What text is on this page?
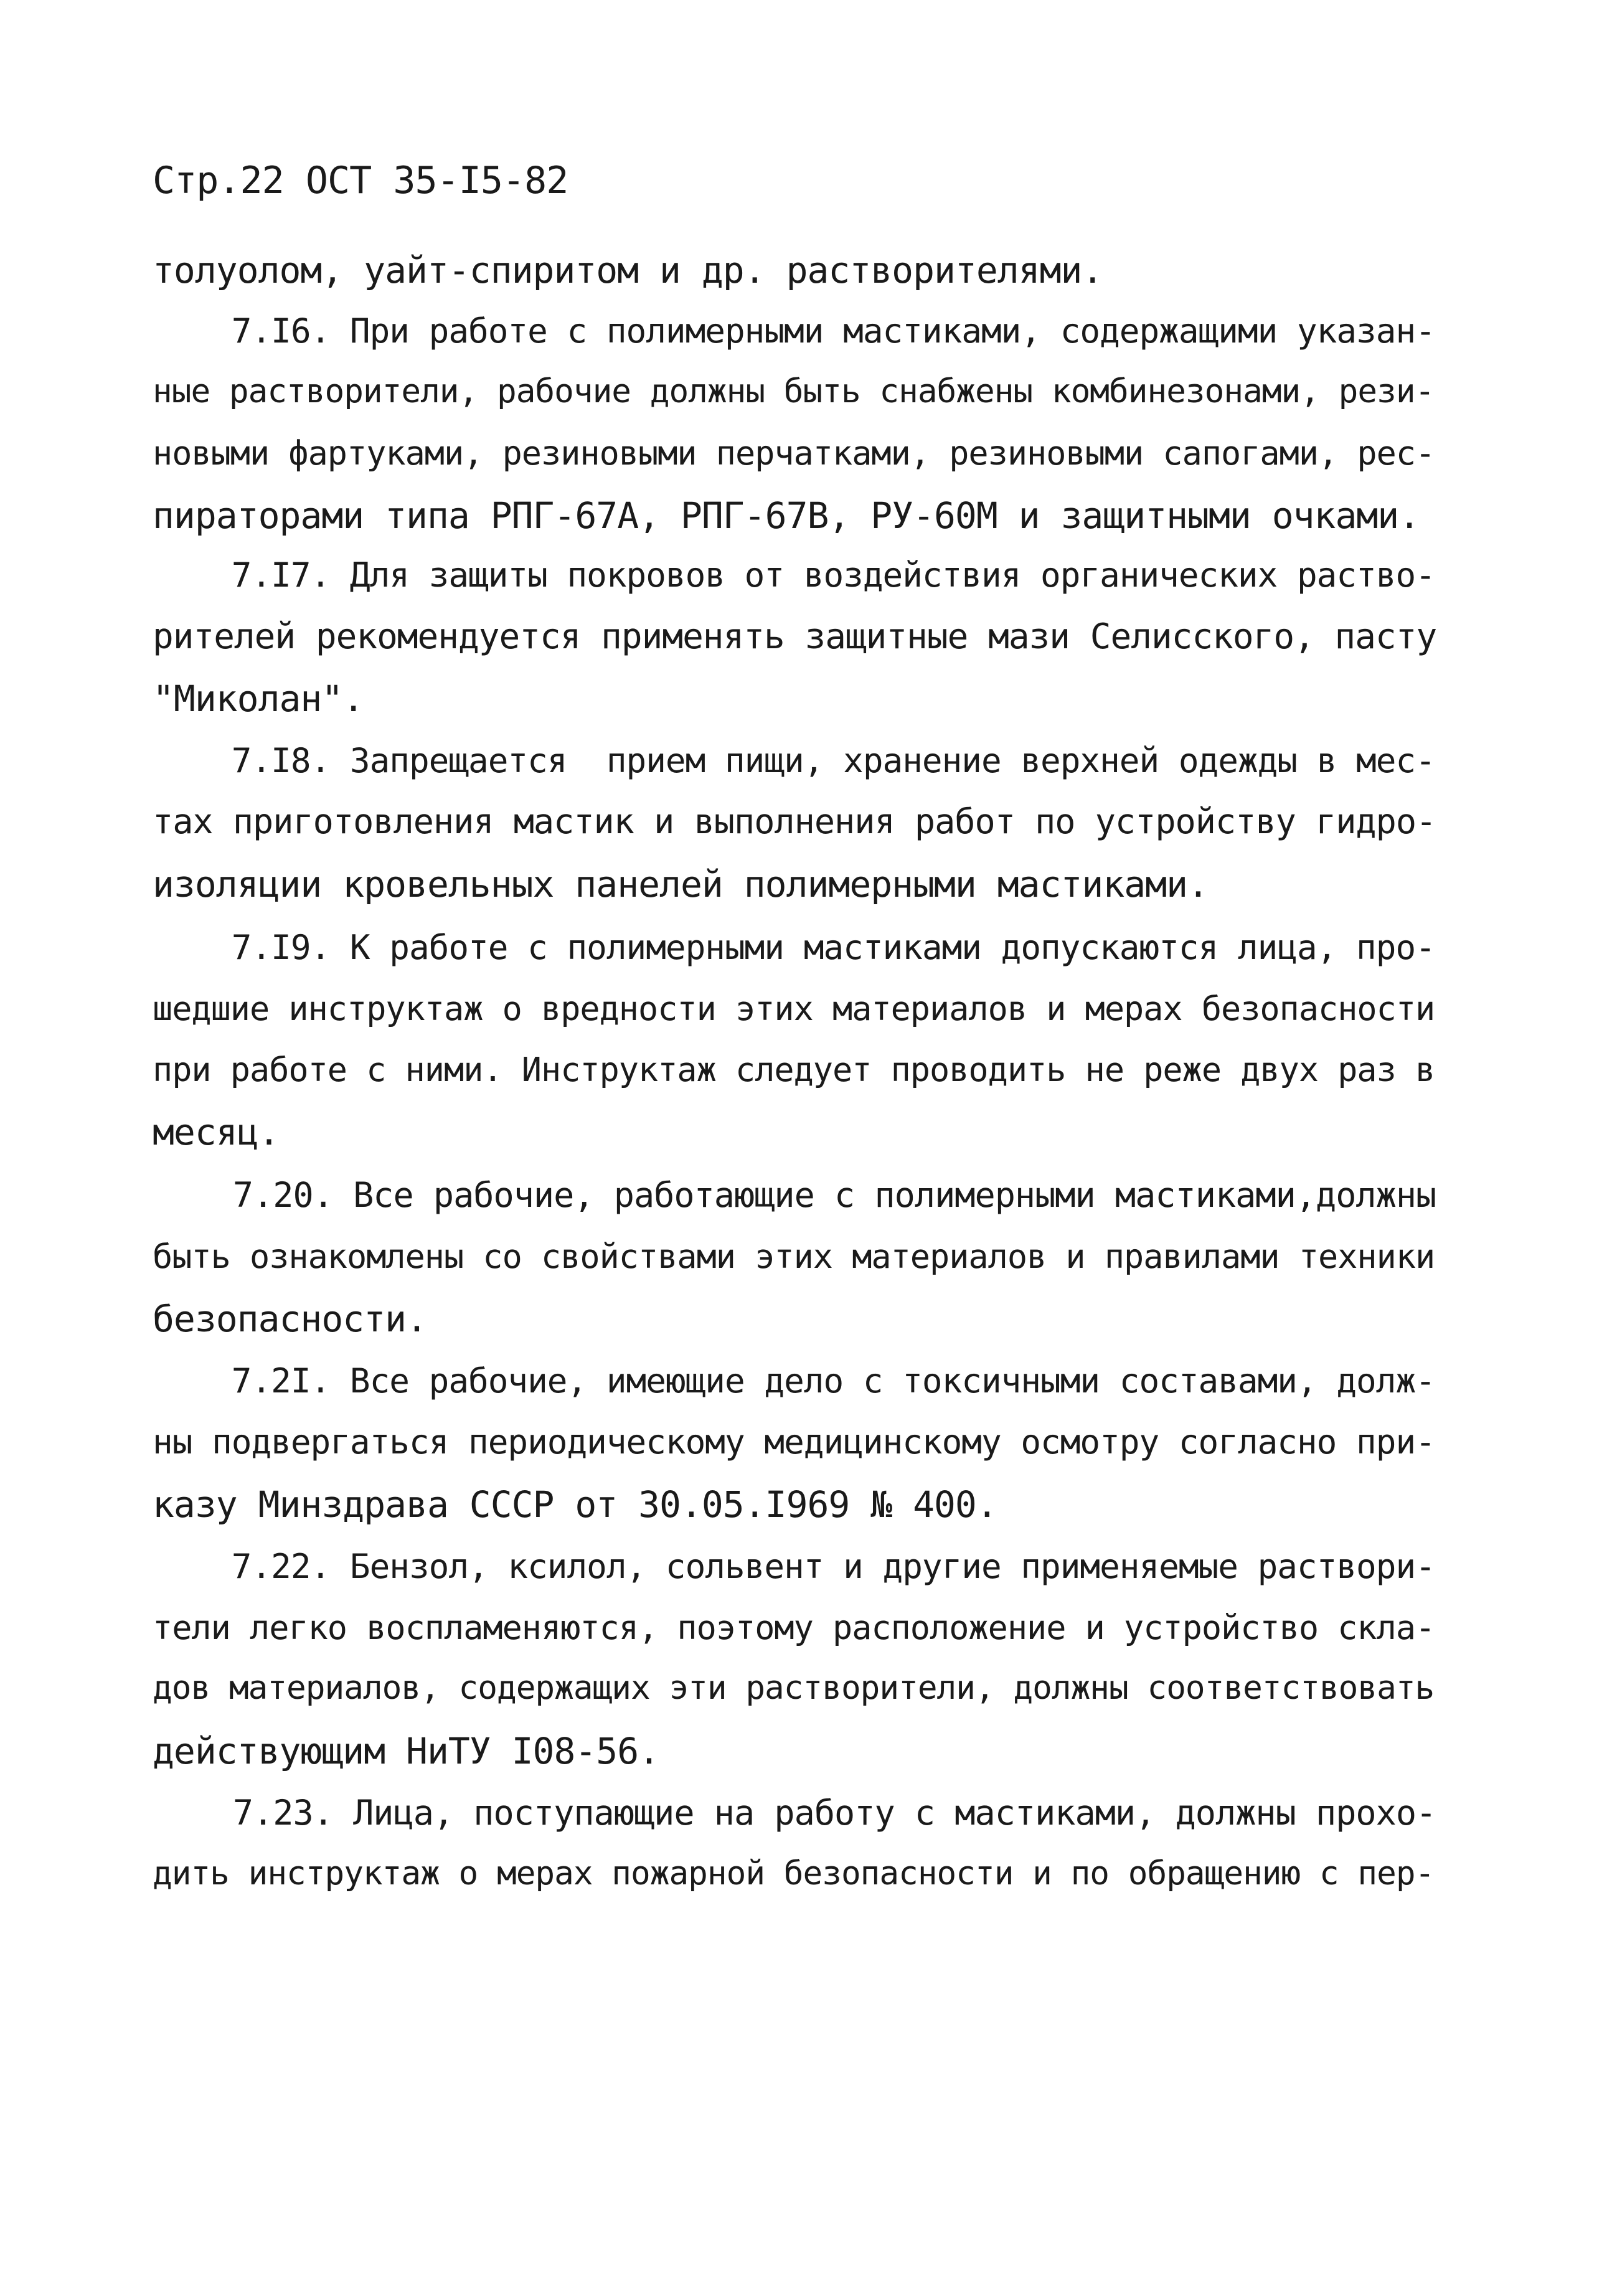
Стр.22 ОСТ 35-I5-82
толуолом, уайт-спиритом и др. растворителями.
7.I6. При работе с полимерными мастиками, содержащими указан-
ные растворители, рабочие должны быть снабжены комбинезонами, рези-
новыми фартуками, резиновыми перчатками, резиновыми сапогами, рес-
пираторами типа РПГ-67А, РПГ-67В, РУ-60М и защитными очками.
7.I7. Для защиты покровов от воздействия органических раство-
рителей рекомендуется применять защитные мази Селисского, пасту
"Миколан".
7.I8. Запрещается  прием пищи, хранение верхней одежды в мес-
тах приготовления мастик и выполнения работ по устройству гидро-
изоляции кровельных панелей полимерными мастиками.
7.I9. К работе с полимерными мастиками допускаются лица, про-
шедшие инструктаж о вредности этих материалов и мерах безопасности
при работе с ними. Инструктаж следует проводить не реже двух раз в
месяц.
7.20. Все рабочие, работающие с полимерными мастиками,должны
быть ознакомлены со свойствами этих материалов и правилами техники
безопасности.
7.2I. Все рабочие, имеющие дело с токсичными составами, долж-
ны подвергаться периодическому медицинскому осмотру согласно при-
казу Минздрава СССР от 30.05.I969 № 400.
7.22. Бензол, ксилол, сольвент и другие применяемые раствори-
тели легко воспламеняются, поэтому расположение и устройство скла-
дов материалов, содержащих эти растворители, должны соответствовать
действующим НиТУ I08-56.
7.23. Лица, поступающие на работу с мастиками, должны прохо-
дить инструктаж о мерах пожарной безопасности и по обращению с пер-
